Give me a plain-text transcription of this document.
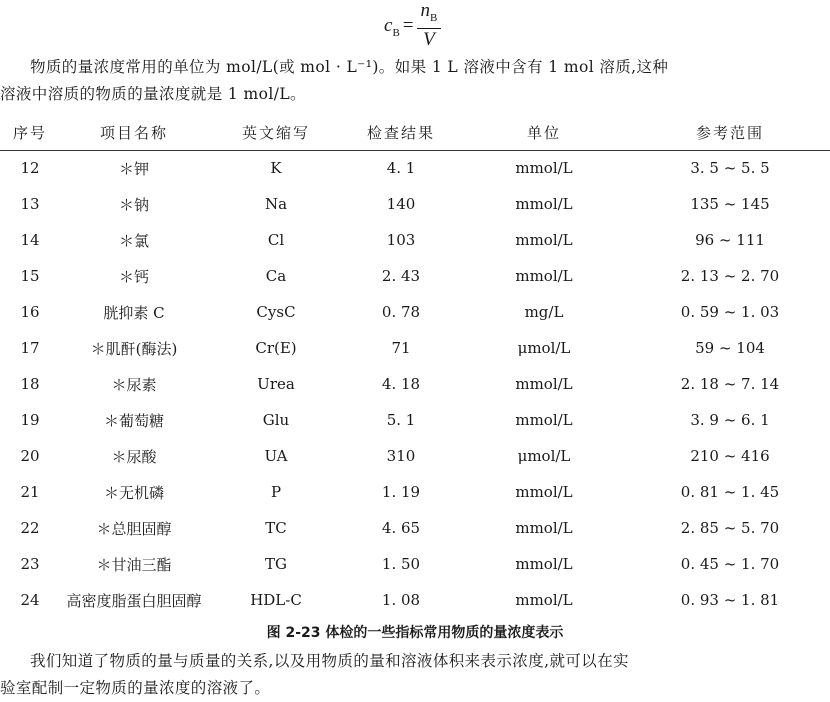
$c_B = \frac{n_B}{V}$
物质的量浓度常用的单位为 mol/L(或 mol · L⁻¹)。如果 1 L 溶液中含有 1 mol 溶质,这种
溶液中溶质的物质的量浓度就是 1 mol/L。
序号	项目名称	英文缩写	检查结果	单位	参考范围
12	＊钾	K	4. 1	mmol/L	3. 5 ~ 5. 5
13	＊钠	Na	140	mmol/L	135 ~ 145
14	＊氯	Cl	103	mmol/L	96 ~ 111
15	＊钙	Ca	2. 43	mmol/L	2. 13 ~ 2. 70
16	胱抑素 C	CysC	0. 78	mg/L	0. 59 ~ 1. 03
17	＊肌酐(酶法)	Cr(E)	71	μmol/L	59 ~ 104
18	＊尿素	Urea	4. 18	mmol/L	2. 18 ~ 7. 14
19	＊葡萄糖	Glu	5. 1	mmol/L	3. 9 ~ 6. 1
20	＊尿酸	UA	310	μmol/L	210 ~ 416
21	＊无机磷	P	1. 19	mmol/L	0. 81 ~ 1. 45
22	＊总胆固醇	TC	4. 65	mmol/L	2. 85 ~ 5. 70
23	＊甘油三酯	TG	1. 50	mmol/L	0. 45 ~ 1. 70
24	高密度脂蛋白胆固醇	HDL-C	1. 08	mmol/L	0. 93 ~ 1. 81
图 2-23 体检的一些指标常用物质的量浓度表示
我们知道了物质的量与质量的关系,以及用物质的量和溶液体积来表示浓度,就可以在实
验室配制一定物质的量浓度的溶液了。
